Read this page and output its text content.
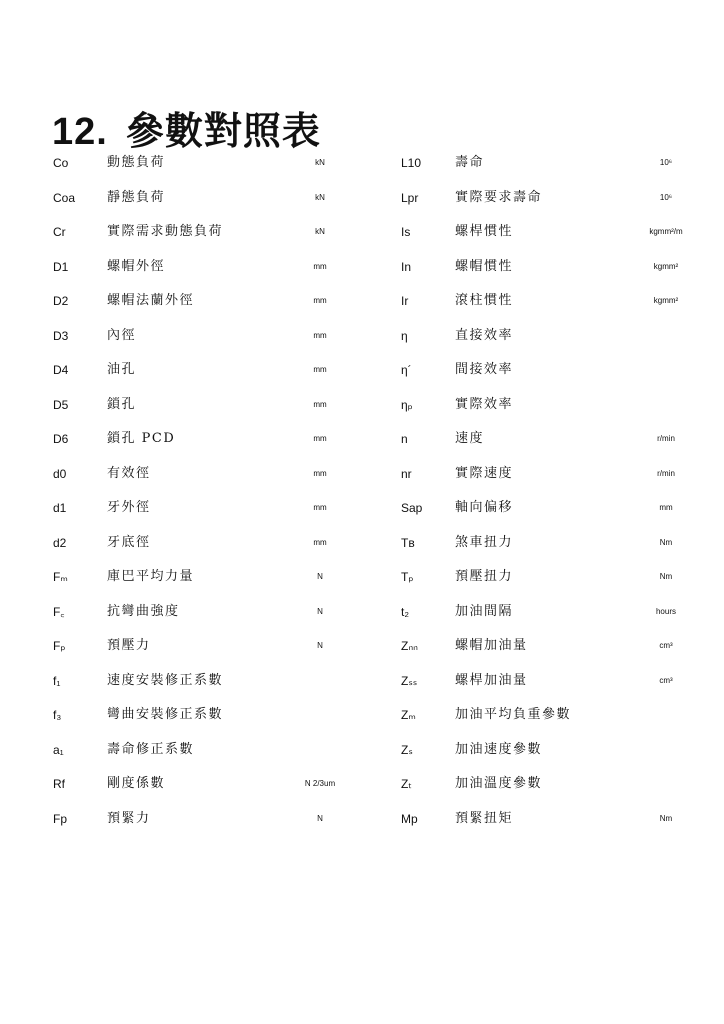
12. 參數對照表
Co	動態負荷	kN	L10	壽命	10⁶
Coa 靜態負荷	kN	Lpr	實際要求壽命	10⁶
Cr	實際需求動態負荷	kN	Is	螺桿慣性	kgmm²/m
D1	螺帽外徑	mm	In	螺帽慣性	kgmm²
D2	螺帽法蘭外徑	mm	Ir	滾柱慣性	kgmm²
D3	內徑	mm	η	直接效率
D4	油孔	mm	η´	間接效率
D5	鎖孔	mm	ηₚ	實際效率
D6	鎖孔 PCD	mm	n	速度	r/min
d0	有效徑	mm	nr	實際速度	r/min
d1	牙外徑	mm	Sap	軸向偏移	mm
d2	牙底徑	mm	Tʙ	煞車扭力	Nm
Fₘ	庫巴平均力量	N	Tₚ	預壓扭力	Nm
F꜀	抗彎曲強度	N	t₂	加油間隔	hours
Fₚ	預壓力	N	Zₙₙ	螺帽加油量	cm³
f₁	速度安裝修正系數	Zₛₛ	螺桿加油量	cm³
f₃	彎曲安裝修正系數	Zₘ	加油平均負重參數
a₁	壽命修正系數	Zₛ	加油速度參數
Rf	剛度係數	N 2/3um	Zₜ	加油溫度參數
Fp	預緊力	N	Mp	預緊扭矩	Nm
